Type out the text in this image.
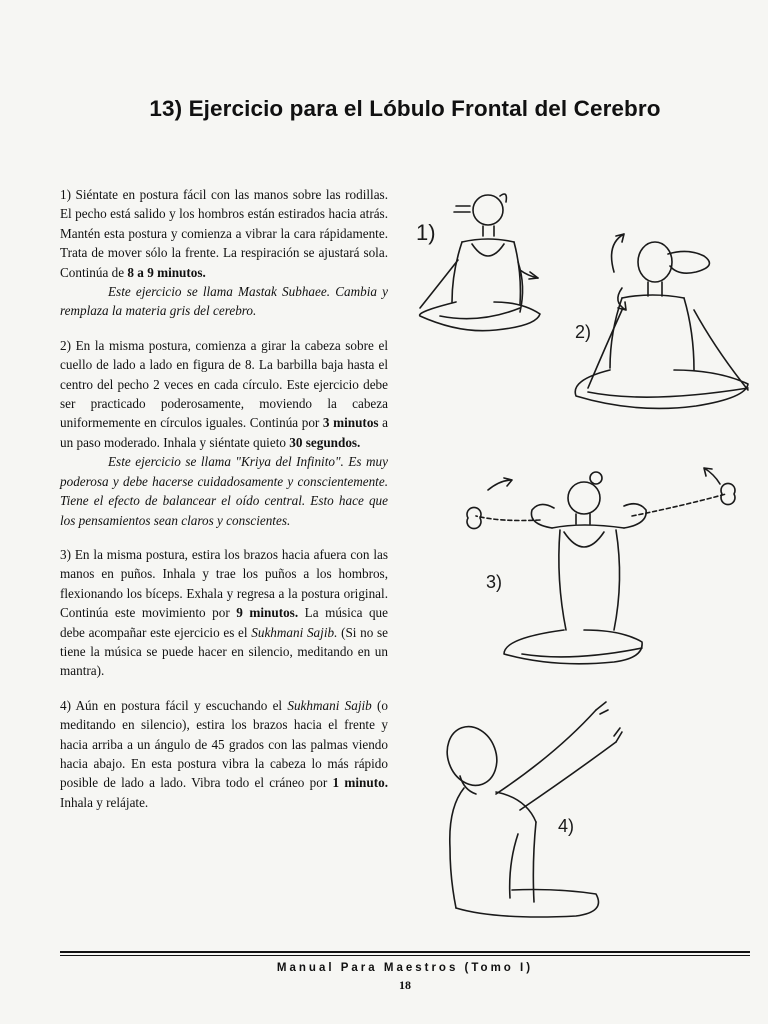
13) Ejercicio para el Lóbulo Frontal del Cerebro

1) Siéntate en postura fácil con las manos sobre las rodillas. El pecho está salido y los hombros están estirados hacia atrás. Mantén esta postura y comienza a vibrar la cara rápidamente. Trata de mover sólo la frente. La respiración se ajustará sola. Continúa de 8 a 9 minutos.
Este ejercicio se llama Mastak Subhaee. Cambia y remplaza la materia gris del cerebro.

2) En la misma postura, comienza a girar la cabeza sobre el cuello de lado a lado en figura de 8. La barbilla baja hasta el centro del pecho 2 veces en cada círculo. Este ejercicio debe ser practicado poderosamente, moviendo la cabeza uniformemente en círculos iguales. Continúa por 3 minutos a un paso moderado. Inhala y siéntate quieto 30 segundos.
Este ejercicio se llama "Kriya del Infinito". Es muy poderosa y debe hacerse cuidadosamente y conscientemente. Tiene el efecto de balancear el oído central. Esto hace que los pensamientos sean claros y conscientes.

3) En la misma postura, estira los brazos hacia afuera con las manos en puños. Inhala y trae los puños a los hombros, flexionando los bíceps. Exhala y regresa a la postura original. Continúa este movimiento por 9 minutos. La música que debe acompañar este ejercicio es el Sukhmani Sajib. (Si no se tiene la música se puede hacer en silencio, meditando en un mantra).

4) Aún en postura fácil y escuchando el Sukhmani Sajib (o meditando en silencio), estira los brazos hacia el frente y hacia arriba a un ángulo de 45 grados con las palmas viendo hacia abajo. En esta postura vibra la cabeza lo más rápido posible de lado a lado. Vibra todo el cráneo por 1 minuto. Inhala y relájate.

1)
2)
3)
4)
Manual Para Maestros (Tomo I)
18
